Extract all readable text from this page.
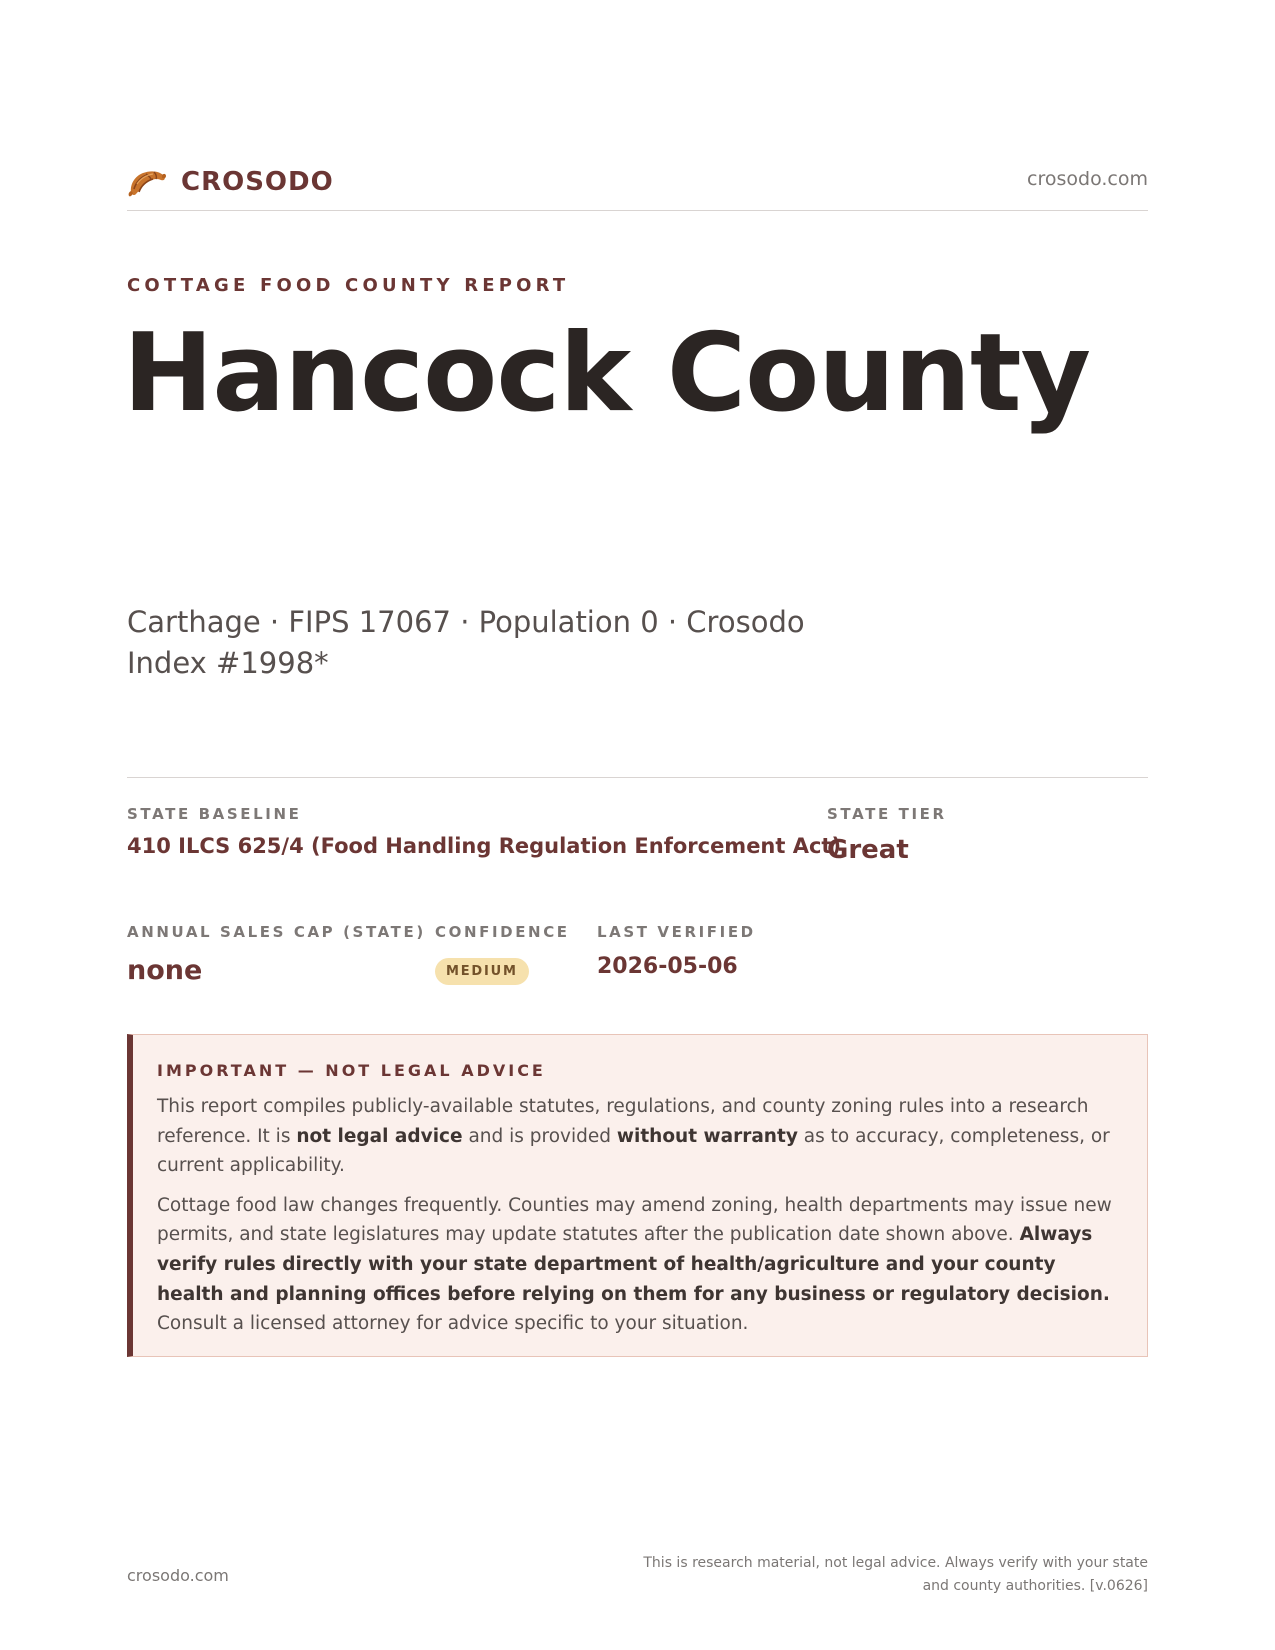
CROSODO	crosodo.com
COTTAGE FOOD COUNTY REPORT
Hancock County
Carthage · FIPS 17067 · Population 0 · Crosodo Index #1998*
STATE BASELINE
410 ILCS 625/4 (Food Handling Regulation Enforcement Act)
STATE TIER
Great
ANNUAL SALES CAP (STATE)
none
CONFIDENCE
MEDIUM
LAST VERIFIED
2026-05-06
IMPORTANT — NOT LEGAL ADVICE

This report compiles publicly-available statutes, regulations, and county zoning rules into a research reference. It is not legal advice and is provided without warranty as to accuracy, completeness, or current applicability.

Cottage food law changes frequently. Counties may amend zoning, health departments may issue new permits, and state legislatures may update statutes after the publication date shown above. Always verify rules directly with your state department of health/agriculture and your county health and planning offices before relying on them for any business or regulatory decision. Consult a licensed attorney for advice specific to your situation.

crosodo.com
This is research material, not legal advice. Always verify with your state and county authorities. [v.0626]
